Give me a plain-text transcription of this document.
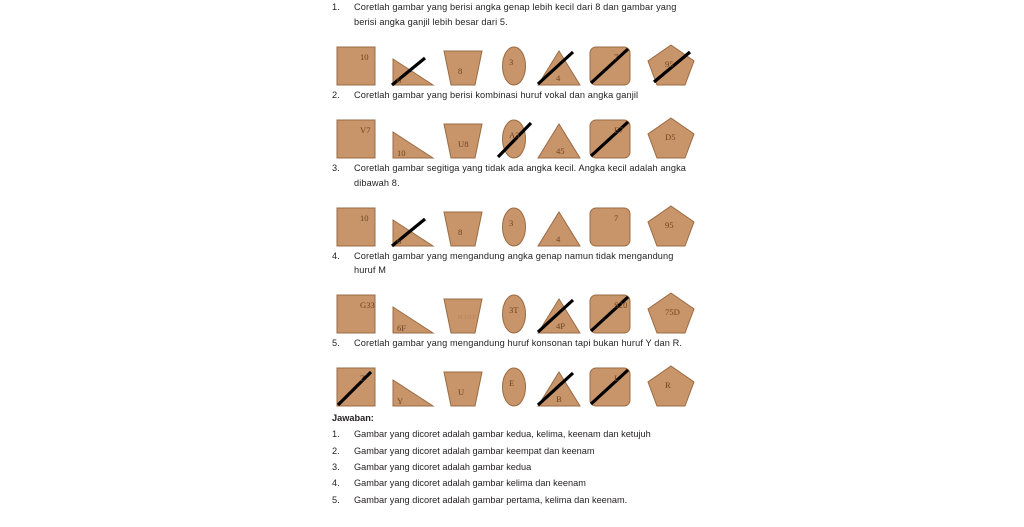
1.	Coretlah gambar yang berisi angka genap lebih kecil dari 8 dan gambar yang
berisi angka ganjil lebih besar dari 5.
10
6
8
3
4
7
95
2.	Coretlah gambar yang berisi kombinasi huruf vokal dan angka ganjil
V7
10
U8
A3
45
E7
D5
3.	Coretlah gambar segitiga yang tidak ada angka kecil. Angka kecil adalah angka
dibawah 8.
10
6
8
3
4
7
95
4.	Coretlah gambar yang mengandung angka genap namun tidak mengandung
huruf M
G33
6F
H10P
3T
4P
S20
75D
5.	Coretlah gambar yang mengandung huruf konsonan tapi bukan huruf Y dan R.
Z
Y
U
E
B
L
R
Jawaban:
1.	Gambar yang dicoret adalah gambar kedua, kelima, keenam dan ketujuh
2.	Gambar yang dicoret adalah gambar keempat dan keenam
3.	Gambar yang dicoret adalah gambar kedua
4.	Gambar yang dicoret adalah gambar kelima dan keenam
5.	Gambar yang dicoret adalah gambar pertama, kelima dan keenam.
